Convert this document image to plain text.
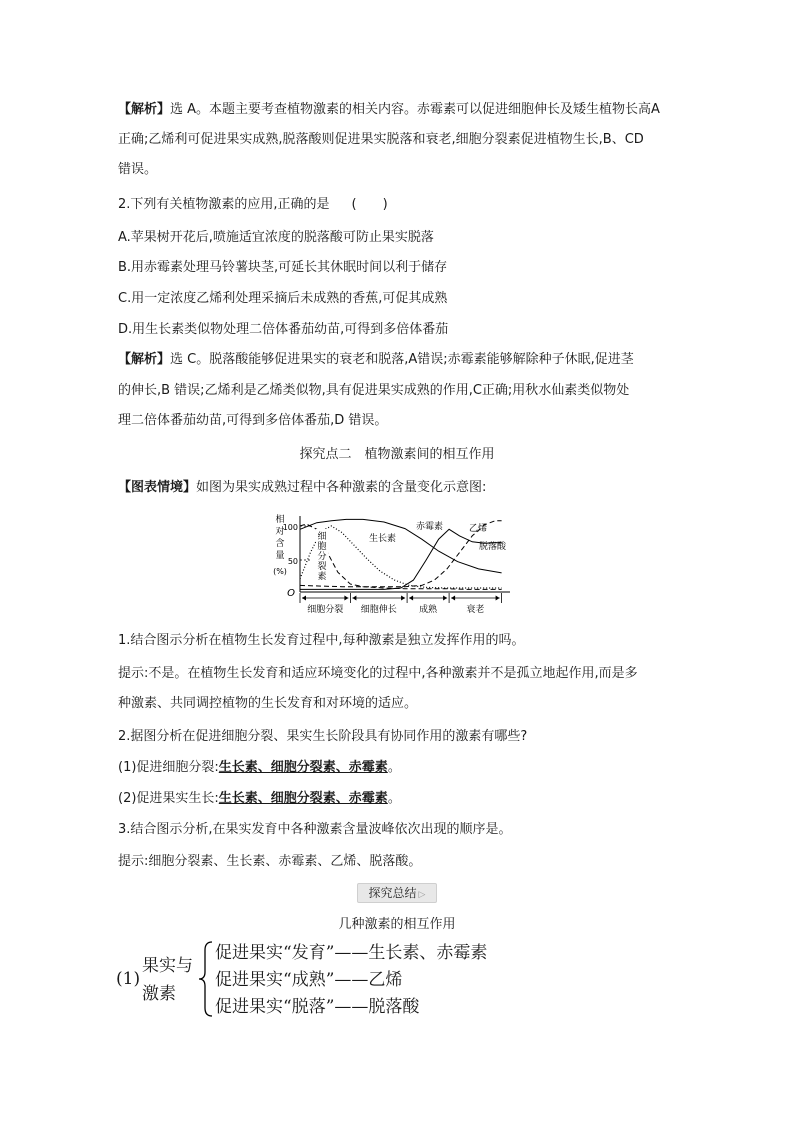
【解析】选 A。本题主要考查植物激素的相关内容。赤霉素可以促进细胞伸长及矮生植物长高A
正确;乙烯利可促进果实成熟,脱落酸则促进果实脱落和衰老,细胞分裂素促进植物生长,B、CD
错误。
2.下列有关植物激素的应用,正确的是 (　　)
A.苹果树开花后,喷施适宜浓度的脱落酸可防止果实脱落
B.用赤霉素处理马铃薯块茎,可延长其休眠时间以利于储存
C.用一定浓度乙烯利处理采摘后未成熟的香蕉,可促其成熟
D.用生长素类似物处理二倍体番茄幼苗,可得到多倍体番茄
【解析】选 C。脱落酸能够促进果实的衰老和脱落,A错误;赤霉素能够解除种子休眠,促进茎
的伸长,B 错误;乙烯利是乙烯类似物,具有促进果实成熟的作用,C正确;用秋水仙素类似物处
理二倍体番茄幼苗,可得到多倍体番茄,D 错误。
探究点二　植物激素间的相互作用
【图表情境】如图为果实成熟过程中各种激素的含量变化示意图:
相
对
含
量
(%)
100
50
O
细胞分裂素
生长素
赤霉素	乙烯
脱落酸
细胞分裂 细胞伸长 成熟	衰老
1.结合图示分析在植物生长发育过程中,每种激素是独立发挥作用的吗。
提示:不是。在植物生长发育和适应环境变化的过程中,各种激素并不是孤立地起作用,而是多
种激素、共同调控植物的生长发育和对环境的适应。
2.据图分析在促进细胞分裂、果实生长阶段具有协同作用的激素有哪些?
(1)促进细胞分裂:生长素、细胞分裂素、赤霉素。
(2)促进果实生长:生长素、细胞分裂素、赤霉素。
3.结合图示分析,在果实发育中各种激素含量波峰依次出现的顺序是。
提示:细胞分裂素、生长素、赤霉素、乙烯、脱落酸。
探究总结 ▷
几种激素的相互作用
(1)
果实与
激素
促进果实“发育”——生长素、赤霉素
促进果实“成熟”——乙烯
促进果实“脱落”——脱落酸
